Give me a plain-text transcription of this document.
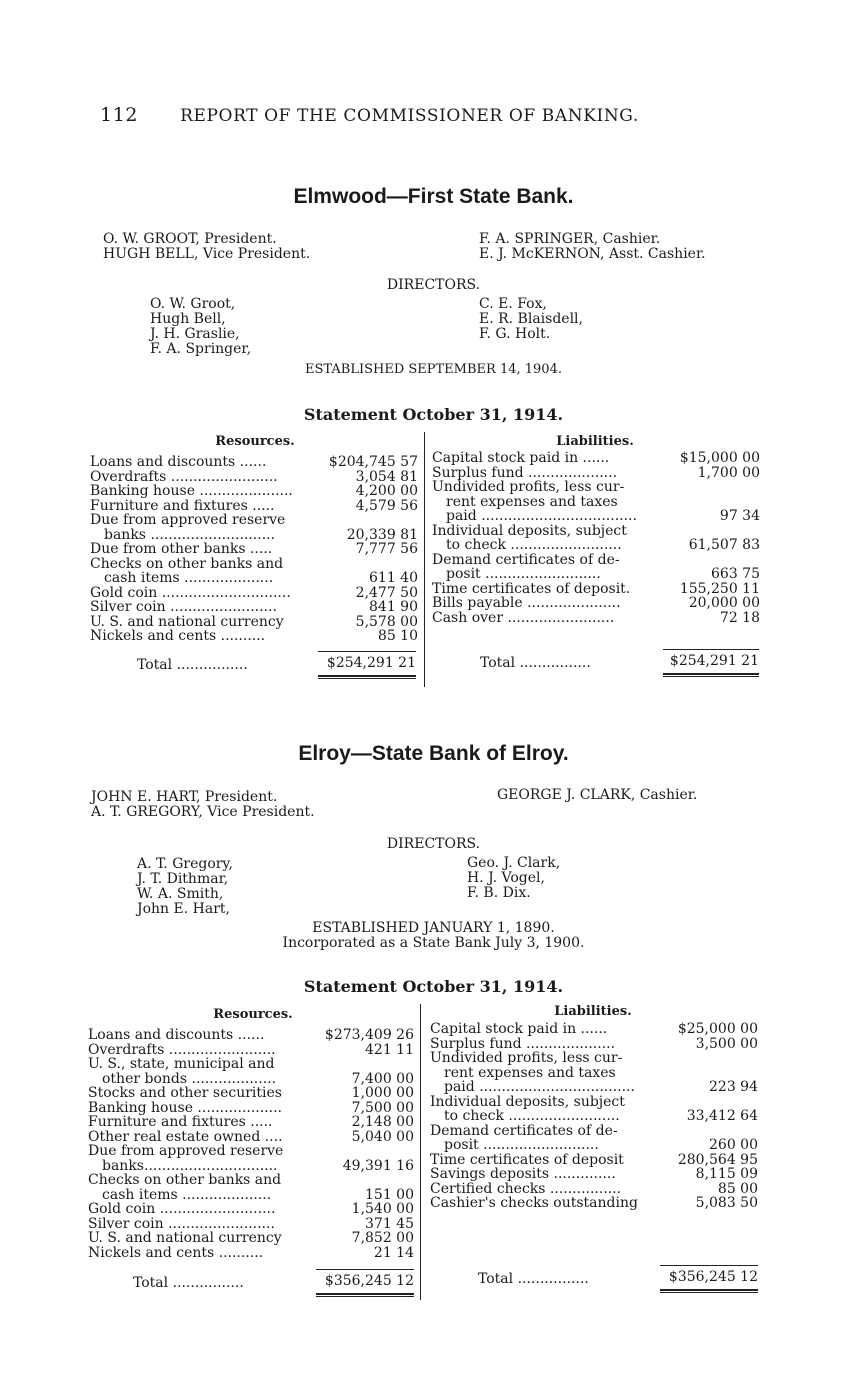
112 REPORT OF THE COMMISSIONER OF BANKING.
Elmwood—First State Bank.
O. W. GROOT, President.
HUGH BELL, Vice President.
F. A. SPRINGER, Cashier.
E. J. McKERNON, Asst. Cashier.
DIRECTORS.
O. W. Groot,
Hugh Bell,
J. H. Graslie,
F. A. Springer,
C. E. Fox,
E. R. Blaisdell,
F. G. Holt.
ESTABLISHED SEPTEMBER 14, 1904.
Statement October 31, 1914.
Resources.	Liabilities.
Loans and discounts ......	$204,745 57
Overdrafts ........................	3,054 81
Banking house .....................	4,200 00
Furniture and fixtures .....	4,579 56
Due from approved reserve
banks ............................	20,339 81
Due from other banks .....	7,777 56
Checks on other banks and
cash items ....................	611 40
Gold coin .............................	2,477 50
Silver coin ........................	841 90
U. S. and national currency	5,578 00
Nickels and cents ..........	85 10
Capital stock paid in ......	$15,000 00
Surplus fund ....................	1,700 00
Undivided profits, less cur-
rent expenses and taxes
paid ...................................	97 34
Individual deposits, subject
to check .........................	61,507 83
Demand certificates of de-
posit ..........................	663 75
Time certificates of deposit.	155,250 11
Bills payable .....................	20,000 00
Cash over ........................	72 18
Total ................	$254,291 21	Total ................	$254,291 21
Elroy—State Bank of Elroy.
JOHN E. HART, President.
A. T. GREGORY, Vice President.
GEORGE J. CLARK, Cashier.
DIRECTORS.
A. T. Gregory,
J. T. Dithmar,
W. A. Smith,
John E. Hart,
Geo. J. Clark,
H. J. Vogel,
F. B. Dix.
ESTABLISHED JANUARY 1, 1890.
Incorporated as a State Bank July 3, 1900.
Statement October 31, 1914.
Resources.	Liabilities.
Loans and discounts ......	$273,409 26
Overdrafts ........................	421 11
U. S., state, municipal and
other bonds ...................	7,400 00
Stocks and other securities	1,000 00
Banking house ...................	7,500 00
Furniture and fixtures .....	2,148 00
Other real estate owned ....	5,040 00
Due from approved reserve
banks..............................	49,391 16
Checks on other banks and
cash items ....................	151 00
Gold coin ..........................	1,540 00
Silver coin ........................	371 45
U. S. and national currency	7,852 00
Nickels and cents ..........	21 14
Capital stock paid in ......	$25,000 00
Surplus fund ....................	3,500 00
Undivided profits, less cur-
rent expenses and taxes
paid ...................................	223 94
Individual deposits, subject
to check .........................	33,412 64
Demand certificates of de-
posit ..........................	260 00
Time certificates of deposit	280,564 95
Savings deposits ..............	8,115 09
Certified checks ................	85 00
Cashier's checks outstanding	5,083 50
Total ................	$356,245 12	Total ................	$356,245 12
